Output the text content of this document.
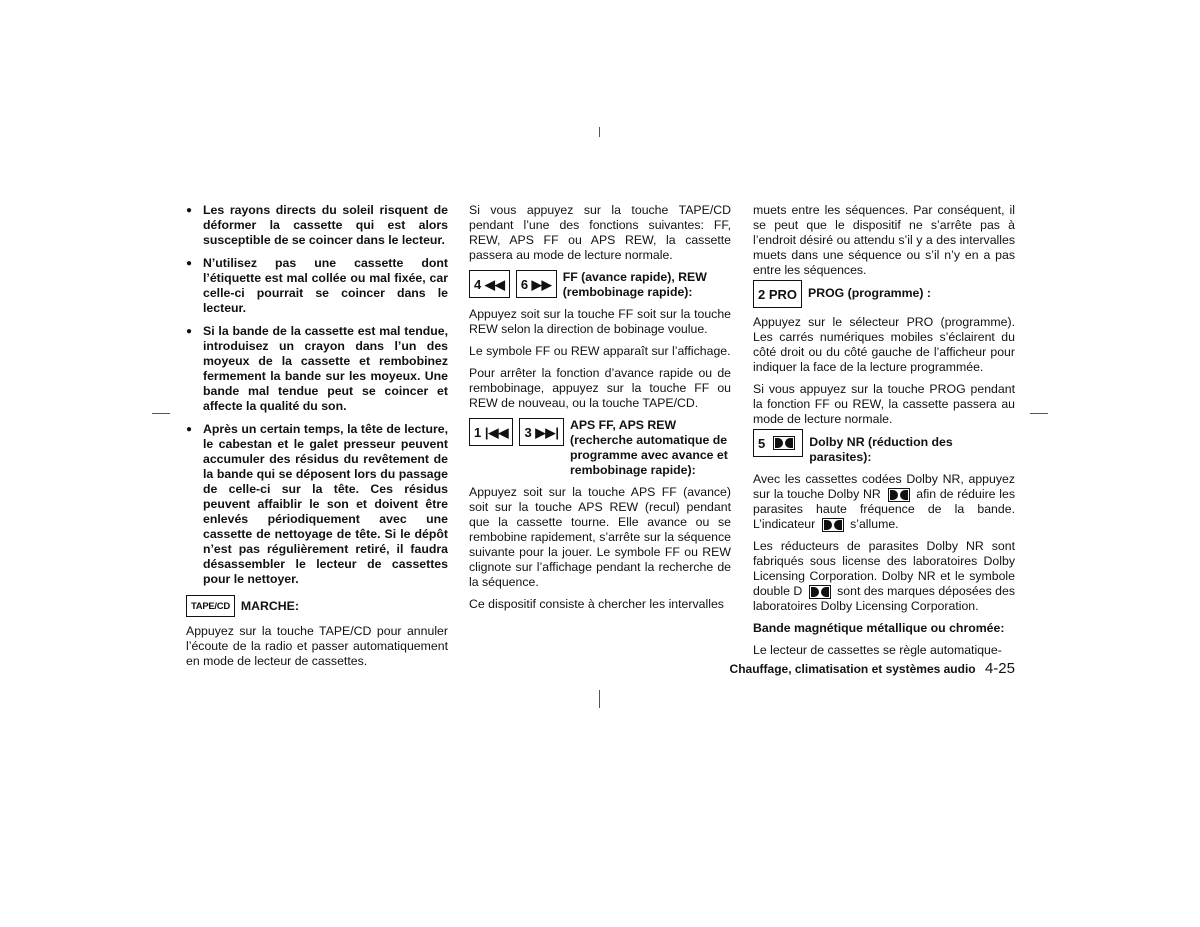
● Les rayons directs du soleil risquent de déformer la cassette qui est alors susceptible de se coincer dans le lecteur.
● N’utilisez pas une cassette dont l’étiquette est mal collée ou mal fixée, car celle-ci pourrait se coincer dans le lecteur.
● Si la bande de la cassette est mal tendue, introduisez un crayon dans l’un des moyeux de la cassette et rembobinez fermement la bande sur les moyeux. Une bande mal tendue peut se coincer et affecte la qualité du son.
● Après un certain temps, la tête de lecture, le cabestan et le galet presseur peuvent accumuler des résidus du revêtement de la bande qui se déposent lors du passage de celle-ci sur la tête. Ces résidus peuvent affaiblir le son et doivent être enlevés périodiquement avec une cassette de nettoyage de tête. Si le dépôt n’est pas régulièrement retiré, il faudra désassembler le lecteur de cassettes pour le nettoyer.
TAPE/CD MARCHE:

Appuyez sur la touche TAPE/CD pour annuler l’écoute de la radio et passer automatiquement en mode de lecteur de cassettes.

Si vous appuyez sur la touche TAPE/CD pendant l’une des fonctions suivantes: FF, REW, APS FF ou APS REW, la cassette passera au mode de lecture normale.

4 ◀◀	6 ▶▶ FF (avance rapide), REW (rembobinage rapide):

Appuyez soit sur la touche FF soit sur la touche REW selon la direction de bobinage voulue.

Le symbole FF ou REW apparaît sur l’affichage.

Pour arrêter la fonction d’avance rapide ou de rembobinage, appuyez sur la touche FF ou REW de nouveau, ou la touche TAPE/CD.

1 |◀◀	3 ▶▶| APS FF, APS REW (recherche automatique de programme avec avance et rembobinage rapide):

Appuyez soit sur la touche APS FF (avance) soit sur la touche APS REW (recul) pendant que la cassette tourne. Elle avance ou se rembobine rapidement, s’arrête sur la séquence suivante pour la jouer. Le symbole FF ou REW clignote sur l’affichage pendant la recherche de la séquence.

Ce dispositif consiste à chercher les intervalles

muets entre les séquences. Par conséquent, il se peut que le dispositif ne s’arrête pas à l’endroit désiré ou attendu s’il y a des intervalles muets dans une séquence ou s’il n’y en a pas entre les séquences.

2 PRO PROG (programme) :

Appuyez sur le sélecteur PRO (programme). Les carrés numériques mobiles s’éclairent du côté droit ou du côté gauche de l’afficheur pour indiquer la face de la lecture programmée.

Si vous appuyez sur la touche PROG pendant la fonction FF ou REW, la cassette passera au mode de lecture normale.

5	Dolby NR (réduction des parasites):

Avec les cassettes codées Dolby NR, appuyez sur la touche Dolby NR	afin de réduire les parasites haute fréquence de la bande. L’indicateur	s’allume.

Les réducteurs de parasites Dolby NR sont fabriqués sous license des laboratoires Dolby Licensing Corporation. Dolby NR et le symbole double D	sont des marques déposées des laboratoires Dolby Licensing Corporation.

Bande magnétique métallique ou chromée:

Le lecteur de cassettes se règle automatique-

Chauffage, climatisation et systèmes audio 4-25
